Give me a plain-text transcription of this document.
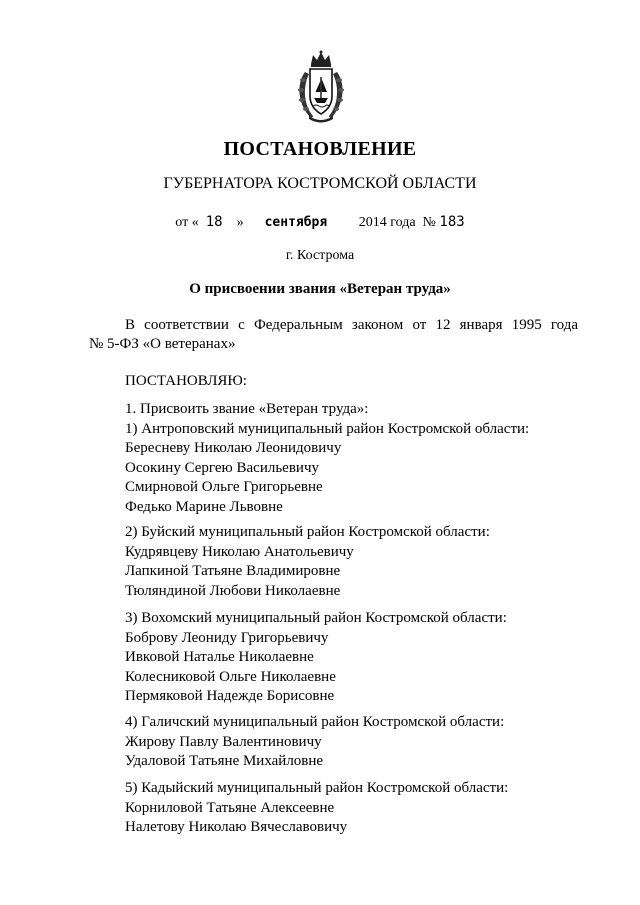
ПОСТАНОВЛЕНИЕ
ГУБЕРНАТОРА КОСТРОМСКОЙ ОБЛАСТИ
от « 18 » сентября 2014 года № 183
г. Кострома
О присвоении звания «Ветеран труда»
В соответствии с Федеральным законом от 12 января 1995 года
№ 5-ФЗ «О ветеранах»
ПОСТАНОВЛЯЮ:
1. Присвоить звание «Ветеран труда»:
1) Антроповский муниципальный район Костромской области:
Бересневу Николаю Леонидовичу
Осокину Сергею Васильевичу
Смирновой Ольге Григорьевне
Федько Марине Львовне
2) Буйский муниципальный район Костромской области:
Кудрявцеву Николаю Анатольевичу
Лапкиной Татьяне Владимировне
Тюляндиной Любови Николаевне
3) Вохомский муниципальный район Костромской области:
Боброву Леониду Григорьевичу
Ивковой Наталье Николаевне
Колесниковой Ольге Николаевне
Пермяковой Надежде Борисовне
4) Галичский муниципальный район Костромской области:
Жирову Павлу Валентиновичу
Удаловой Татьяне Михайловне
5) Кадыйский муниципальный район Костромской области:
Корниловой Татьяне Алексеевне
Налетову Николаю Вячеславовичу
